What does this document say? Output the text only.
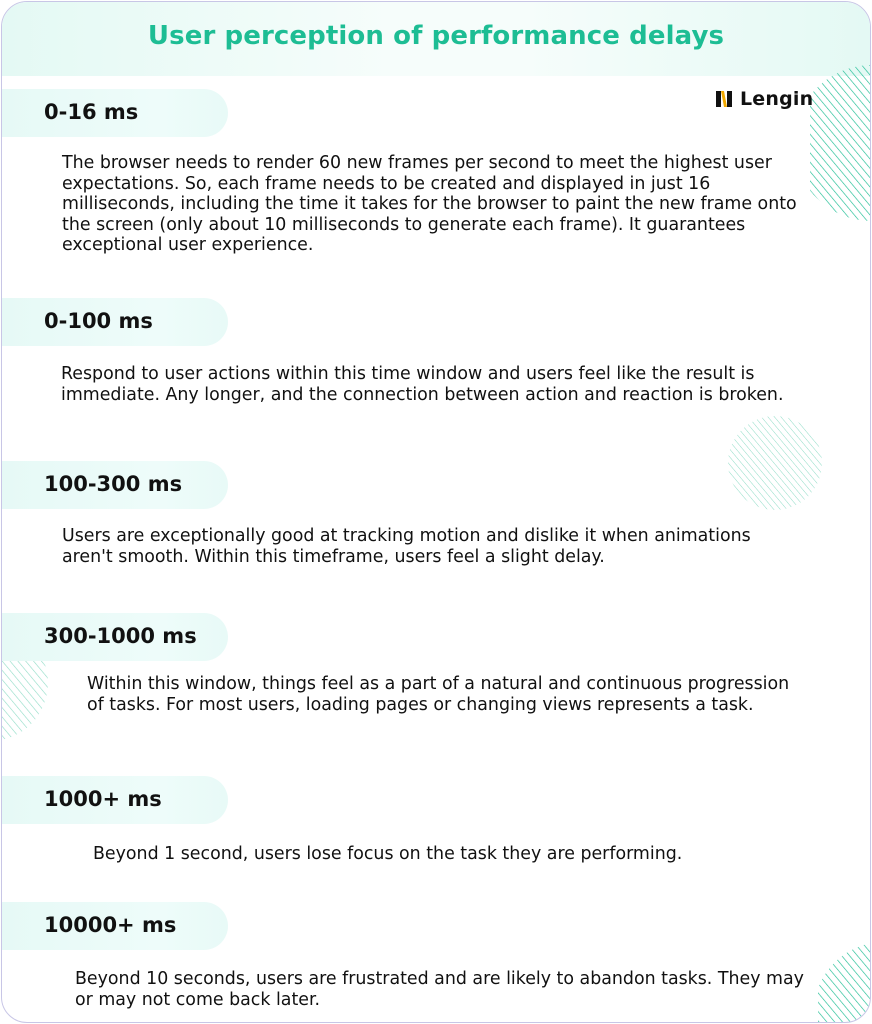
User perception of performance delays
Lengin
0-16 ms
The browser needs to render 60 new frames per second to meet the highest user expectations. So, each frame needs to be created and displayed in just 16 milliseconds, including the time it takes for the browser to paint the new frame onto the screen (only about 10 milliseconds to generate each frame). It guarantees exceptional user experience.
0-100 ms
Respond to user actions within this time window and users feel like the result is immediate. Any longer, and the connection between action and reaction is broken.
100-300 ms
Users are exceptionally good at tracking motion and dislike it when animations aren't smooth. Within this timeframe, users feel a slight delay.
300-1000 ms
Within this window, things feel as a part of a natural and continuous progression of tasks. For most users, loading pages or changing views represents a task.
1000+ ms
Beyond 1 second, users lose focus on the task they are performing.
10000+ ms
Beyond 10 seconds, users are frustrated and are likely to abandon tasks. They may or may not come back later.
